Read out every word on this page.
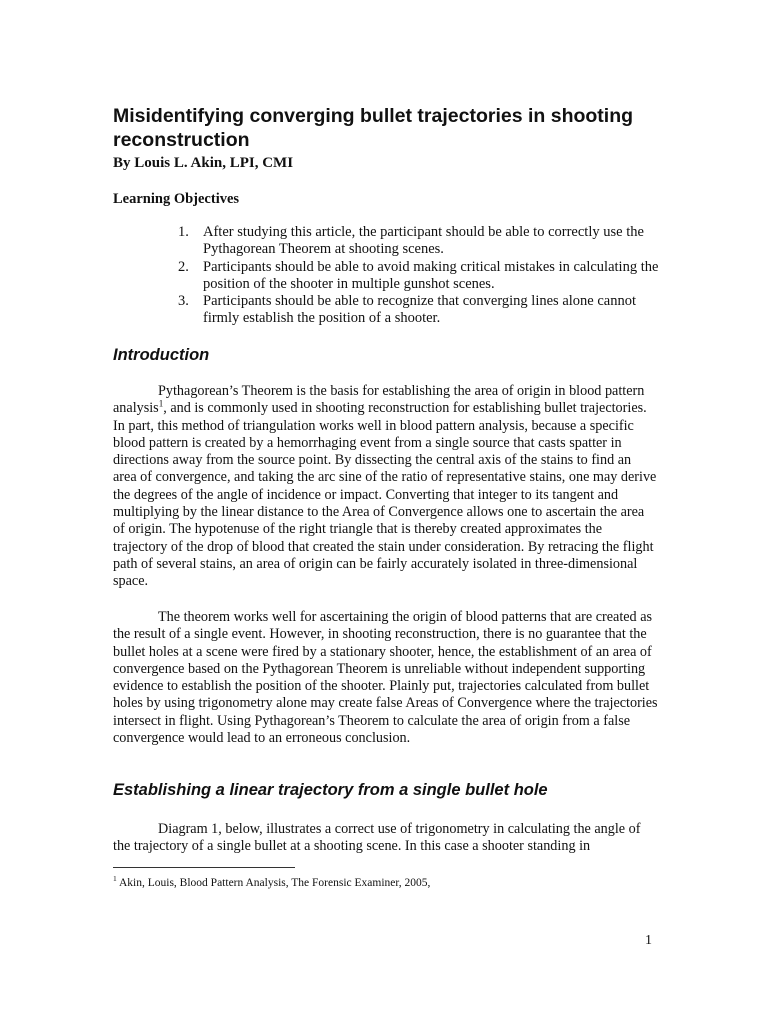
Misidentifying converging bullet trajectories in shooting reconstruction
By Louis L. Akin, LPI, CMI
Learning Objectives
1. After studying this article, the participant should be able to correctly use the Pythagorean Theorem at shooting scenes.
2. Participants should be able to avoid making critical mistakes in calculating the position of the shooter in multiple gunshot scenes.
3. Participants should be able to recognize that converging lines alone cannot firmly establish the position of a shooter.
Introduction

Pythagorean’s Theorem is the basis for establishing the area of origin in blood pattern analysis$^1$, and is commonly used in shooting reconstruction for establishing bullet trajectories. In part, this method of triangulation works well in blood pattern analysis, because a specific blood pattern is created by a hemorrhaging event from a single source that casts spatter in directions away from the source point. By dissecting the central axis of the stains to find an area of convergence, and taking the arc sine of the ratio of representative stains, one may derive the degrees of the angle of incidence or impact. Converting that integer to its tangent and multiplying by the linear distance to the Area of Convergence allows one to ascertain the area of origin. The hypotenuse of the right triangle that is thereby created approximates the trajectory of the drop of blood that created the stain under consideration. By retracing the flight path of several stains, an area of origin can be fairly accurately isolated in three-dimensional space.

The theorem works well for ascertaining the origin of blood patterns that are created as the result of a single event. However, in shooting reconstruction, there is no guarantee that the bullet holes at a scene were fired by a stationary shooter, hence, the establishment of an area of convergence based on the Pythagorean Theorem is unreliable without independent supporting evidence to establish the position of the shooter. Plainly put, trajectories calculated from bullet holes by using trigonometry alone may create false Areas of Convergence where the trajectories intersect in flight. Using Pythagorean’s Theorem to calculate the area of origin from a false convergence would lead to an erroneous conclusion.

Establishing a linear trajectory from a single bullet hole

Diagram 1, below, illustrates a correct use of trigonometry in calculating the angle of the trajectory of a single bullet at a shooting scene. In this case a shooter standing in

$^1$ Akin, Louis, Blood Pattern Analysis, The Forensic Examiner, 2005,
1
